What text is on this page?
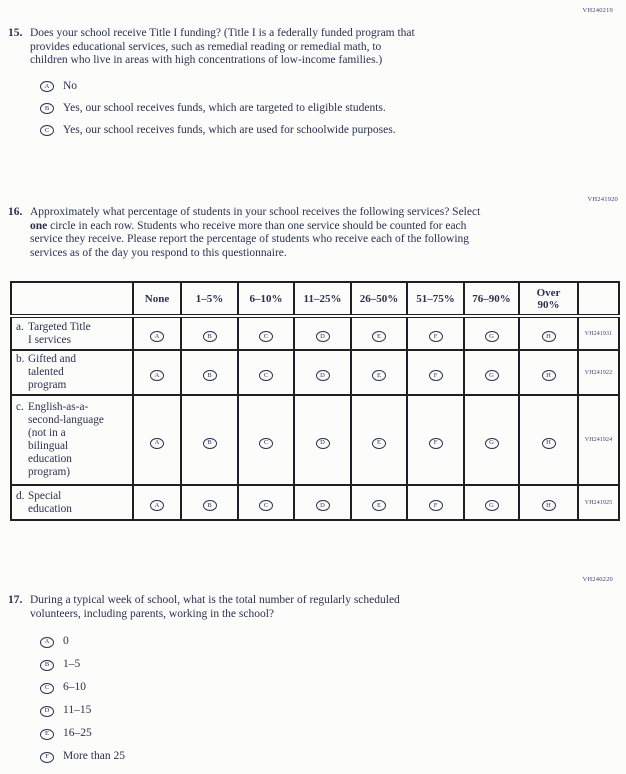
VH240219
15. Does your school receive Title I funding? (Title I is a federally funded program that
provides educational services, such as remedial reading or remedial math, to
children who live in areas with high concentrations of low-income families.)
A	No
B	Yes, our school receives funds, which are targeted to eligible students.
C	Yes, our school receives funds, which are used for schoolwide purposes.
VH241920
16. Approximately what percentage of students in your school receives the following services? Select
one circle in each row. Students who receive more than one service should be counted for each
service they receive. Please report the percentage of students who receive each of the following
services as of the day you respond to this questionnaire.
	None	1–5%	6–10%	11–25%	26–50%	51–75%	76–90%	Over 90%	

a. Targeted Title
I services	A	B	C	D	E	F	G	H	VH241931

b. Gifted and
talented
program	A	B	C	D	E	F	G	H	VH241922

c. English-as-a-
second-language
(not in a
bilingual
education
program)
	A	B	C	D	E	F	G	H	VH241924

d. Special
education	A	B	C	D	E	F	G	H	VH241925
VH240220
17. During a typical week of school, what is the total number of regularly scheduled
volunteers, including parents, working in the school?
A	0
B	1–5
C	6–10
D	11–15
E	16–25
F	More than 25
